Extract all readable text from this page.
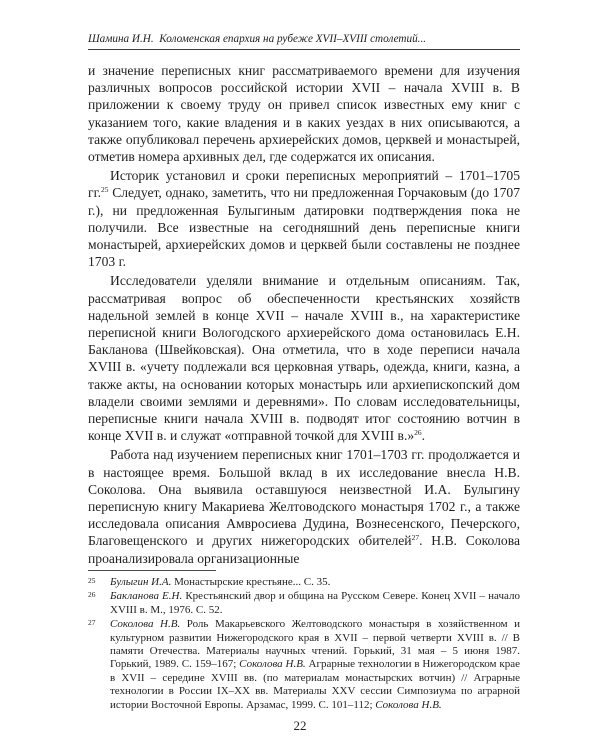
Шамина И.Н. Коломенская епархия на рубеже XVII–XVIII столетий...

и значение переписных книг рассматриваемого времени для изучения различных вопросов российской истории XVII – начала XVIII в. В приложении к своему труду он привел список известных ему книг с указанием того, какие владения и в каких уездах в них описываются, а также опубликовал перечень архиерейских домов, церквей и монастырей, отметив номера архивных дел, где содержатся их описания.

Историк установил и сроки переписных мероприятий – 1701–1705 гг.$^{25}$ Следует, однако, заметить, что ни предложенная Горчаковым (до 1707 г.), ни предложенная Булыгиным датировки подтверждения пока не получили. Все известные на сегодняшний день переписные книги монастырей, архиерейских домов и церквей были составлены не позднее 1703 г.

Исследователи уделяли внимание и отдельным описаниям. Так, рассматривая вопрос об обеспеченности крестьянских хозяйств надельной землей в конце XVII – начале XVIII в., на характеристике переписной книги Вологодского архиерейского дома остановилась Е.Н. Бакланова (Швейковская). Она отметила, что в ходе переписи начала XVIII в. «учету подлежали вся церковная утварь, одежда, книги, казна, а также акты, на основании которых монастырь или архиепископский дом владели своими землями и деревнями». По словам исследовательницы, переписные книги начала XVIII в. подводят итог состоянию вотчин в конце XVII в. и служат «отправной точкой для XVIII в.»$^{26}$.

Работа над изучением переписных книг 1701–1703 гг. продолжается и в настоящее время. Большой вклад в их исследование внесла Н.В. Соколова. Она выявила оставшуюся неизвестной И.А. Булыгину переписную книгу Макариева Желтоводского монастыря 1702 г., а также исследовала описания Амвросиева Дудина, Вознесенского, Печерского, Благовещенского и других нижегородских обителей$^{27}$. Н.В. Соколова проанализировала организационные

25 Булыгин И.А. Монастырские крестьяне... С. 35.
26 Бакланова Е.Н. Крестьянский двор и община на Русском Севере. Конец XVII – начало XVIII в. М., 1976. С. 52.
27 Соколова Н.В. Роль Макарьевского Желтоводского монастыря в хозяйственном и культурном развитии Нижегородского края в XVII – первой четверти XVIII в. // В памяти Отечества. Материалы научных чтений. Горький, 31 мая – 5 июня 1987. Горький, 1989. С. 159–167; Соколова Н.В. Аграрные технологии в Нижегородском крае в XVII – середине XVIII вв. (по материалам монастырских вотчин) // Аграрные технологии в России IX–XX вв. Материалы XXV сессии Симпозиума по аграрной истории Восточной Европы. Арзамас, 1999. С. 101–112; Соколова Н.В.
22
